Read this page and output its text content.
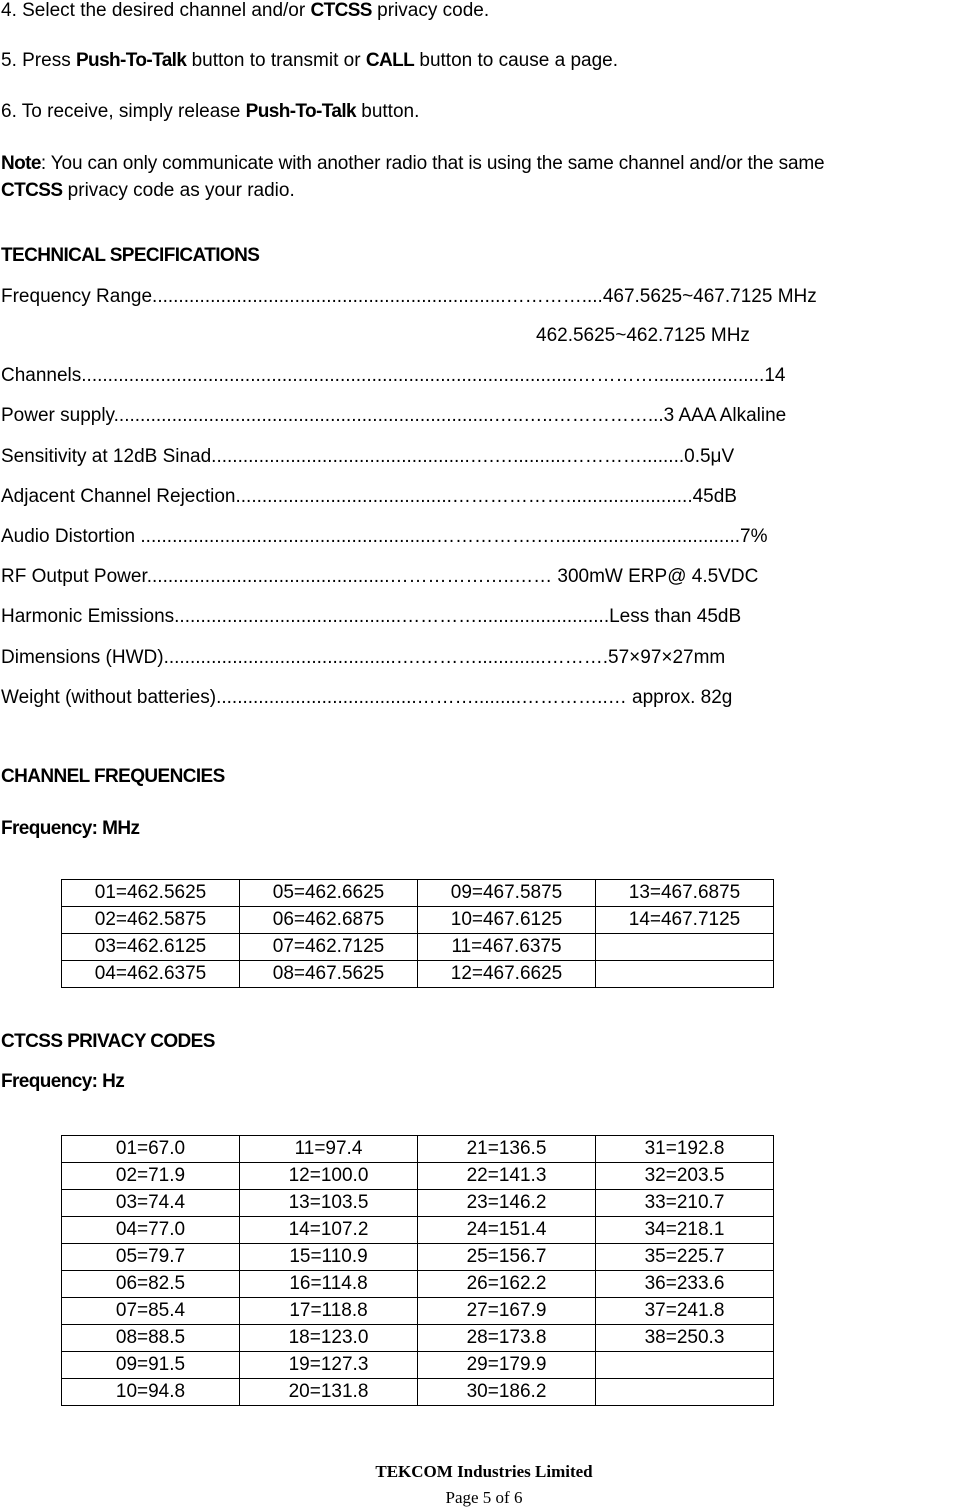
4. Select the desired channel and/or CTCSS privacy code.
5. Press Push-To-Talk button to transmit or CALL button to cause a page.
6. To receive, simply release Push-To-Talk button.
Note: You can only communicate with another radio that is using the same channel and/or the same
CTCSS privacy code as your radio.
TECHNICAL SPECIFICATIONS
Frequency Range...................................................................…………....467.5625~467.7125 MHz
462.5625~462.7125 MHz
Channels..............................................................................................………….....................14
Power supply........................................................................…..…..……………...3 AAA Alkaline
Sensitivity at 12dB Sinad.................................................….…..........…………........0.5μV
Adjacent Channel Rejection.........................................………………........................45dB
Audio Distortion ........................................................…………….…...................................7%
RF Output Power..............................................………………..…… 300mW ERP@ 4.5VDC
Harmonic Emissions...........................................………….........................Less than 45dB
Dimensions (HWD)............................................….……….............……….57×97×27mm
Weight (without batteries)......................................……….........…………..… approx. 82g
CHANNEL FREQUENCIES
Frequency: MHz
01=462.5625	05=462.6625	09=467.5875	13=467.6875
02=462.5875	06=462.6875	10=467.6125	14=467.7125
03=462.6125	07=462.7125	11=467.6375	
04=462.6375	08=467.5625	12=467.6625	
CTCSS PRIVACY CODES
Frequency: Hz
01=67.0	11=97.4	21=136.5	31=192.8
02=71.9	12=100.0	22=141.3	32=203.5
03=74.4	13=103.5	23=146.2	33=210.7
04=77.0	14=107.2	24=151.4	34=218.1
05=79.7	15=110.9	25=156.7	35=225.7
06=82.5	16=114.8	26=162.2	36=233.6
07=85.4	17=118.8	27=167.9	37=241.8
08=88.5	18=123.0	28=173.8	38=250.3
09=91.5	19=127.3	29=179.9	
10=94.8	20=131.8	30=186.2	
TEKCOM Industries Limited
Page 5 of 6
